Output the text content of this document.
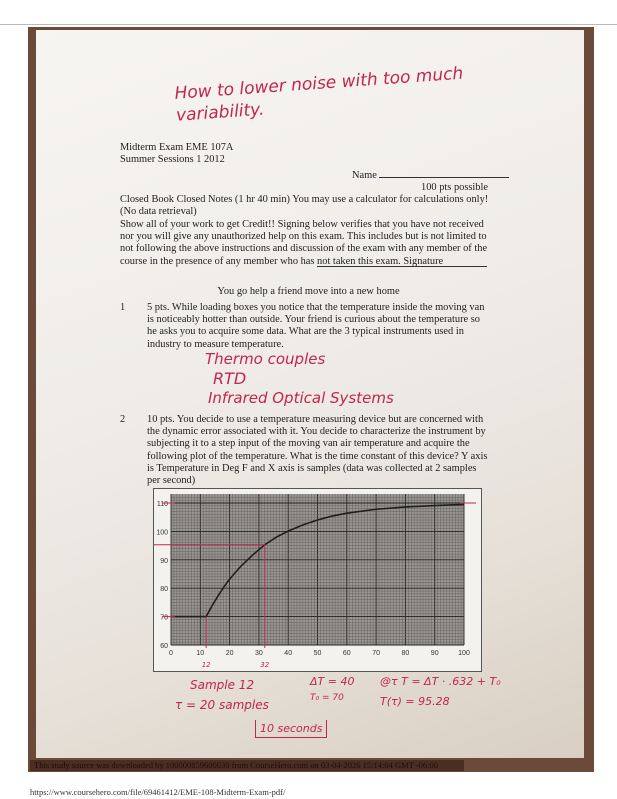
How to lower noise with too much variability.
Midterm Exam EME 107A
Summer Sessions 1 2012
Name
100 pts possible
Closed Book Closed Notes (1 hr 40 min) You may use a calculator for calculations only! (No data retrieval)
Show all of your work to get Credit!! Signing below verifies that you have not received nor you will give any unauthorized help on this exam. This includes but is not limited to not following the above instructions and discussion of the exam with any member of the course in the presence of any member who has not taken this exam. Signature
You go help a friend move into a new home
1 5 pts. While loading boxes you notice that the temperature inside the moving van is noticeably hotter than outside. Your friend is curious about the temperature so he asks you to acquire some data. What are the 3 typical instruments used in industry to measure temperature.
Thermo couples
RTD
Infrared Optical Systems
2 10 pts. You decide to use a temperature measuring device but are concerned with the dynamic error associated with it. You decide to characterize the instrument by subjecting it to a step input of the moving van air temperature and acquire the following plot of the temperature. What is the time constant of this device? Y axis is Temperature in Deg F and X axis is samples (data was collected at 2 samples per second)
0	10	20	30	40	50	60	70	80	90	100
60
70
80
90
100
110
12	32
Sample 12
τ = 20 samples
10 seconds
ΔT = 40
T₀ = 70
@τ T = ΔT · .632 + T₀
T(τ) = 95.28
This study source was downloaded by 100000859600030 from CourseHero.com on 03-04-2026 15:14:04 GMT -06:00
https://www.coursehero.com/file/69461412/EME-108-Midterm-Exam-pdf/
